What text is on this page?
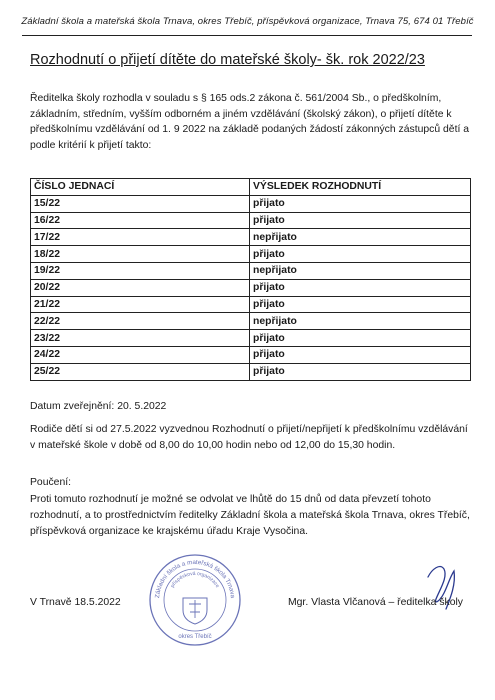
Základní škola a mateřská škola Trnava, okres Třebíč, příspěvková organizace, Trnava 75, 674 01 Třebíč
Rozhodnutí o přijetí dítěte do mateřské školy- šk. rok 2022/23
Ředitelka školy rozhodla v souladu s § 165 ods.2 zákona č. 561/2004 Sb., o předškolním, základním, středním, vyšším odborném a jiném vzdělávání (školský zákon), o přijetí dítěte k předškolnímu vzdělávání od 1. 9 2022 na základě podaných žádostí zákonných zástupců dětí a podle kritérií k přijetí takto:
ČÍSLO JEDNACÍ	VÝSLEDEK ROZHODNUTÍ
15/22	přijato
16/22	přijato
17/22	nepřijato
18/22	přijato
19/22	nepřijato
20/22	přijato
21/22	přijato
22/22	nepřijato
23/22	přijato
24/22	přijato
25/22	přijato
Datum zveřejnění: 20. 5.2022
Rodiče dětí si od 27.5.2022 vyzvednou Rozhodnutí o přijetí/nepřijetí k předškolnímu vzdělávání v mateřské škole v době od 8,00 do 10,00 hodin nebo od 12,00 do 15,30 hodin.
Poučení:
Proti tomuto rozhodnutí je možné se odvolat ve lhůtě do 15 dnů od data převzetí tohoto rozhodnutí, a to prostřednictvím ředitelky Základní škola a mateřská škola Trnava, okres Třebíč, příspěvková organizace ke krajskému úřadu Kraje Vysočina.
Základní škola a mateřská škola Trnava
příspěvková organizace
okres Třebíč
V Trnavě 18.5.2022	Mgr. Vlasta Vlčanová – ředitelka školy
